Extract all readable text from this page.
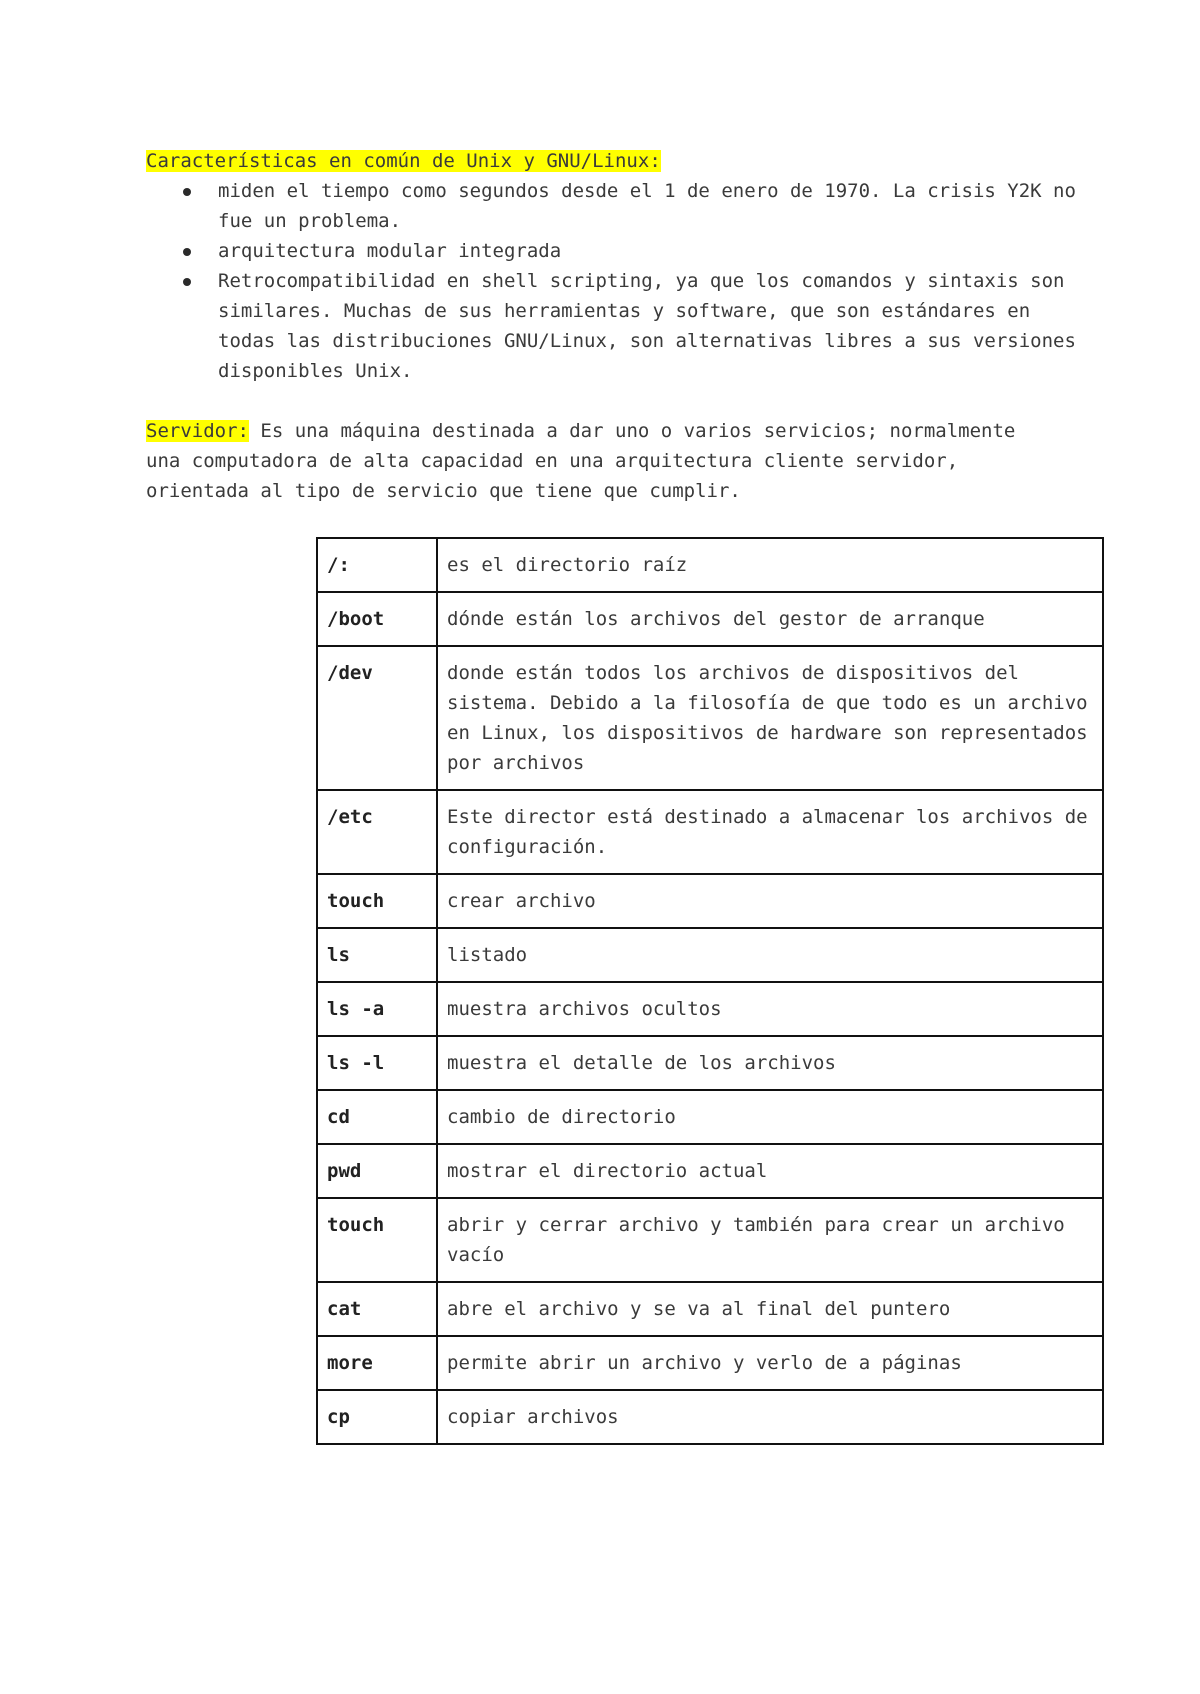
Características en común de Unix y GNU/Linux:

miden el tiempo como segundos desde el 1 de enero de 1970. La crisis Y2K no fue un problema.
arquitectura modular integrada
Retrocompatibilidad en shell scripting, ya que los comandos y sintaxis son similares. Muchas de sus herramientas y software, que son estándares en todas las distribuciones GNU/Linux, son alternativas libres a sus versiones disponibles Unix.

Servidor: Es una máquina destinada a dar uno o varios servicios; normalmente una computadora de alta capacidad en una arquitectura cliente servidor, orientada al tipo de servicio que tiene que cumplir.

/:	es el directorio raíz
/boot	dónde están los archivos del gestor de arranque
/dev	donde están todos los archivos de dispositivos del sistema. Debido a la filosofía de que todo es un archivo en Linux, los dispositivos de hardware son representados por archivos
/etc	Este director está destinado a almacenar los archivos de configuración.
touch	crear archivo
ls	listado
ls -a	muestra archivos ocultos
ls -l	muestra el detalle de los archivos
cd	cambio de directorio
pwd	mostrar el directorio actual
touch	abrir y cerrar archivo y también para crear un archivo vacío
cat	abre el archivo y se va al final del puntero
more	permite abrir un archivo y verlo de a páginas
cp	copiar archivos
